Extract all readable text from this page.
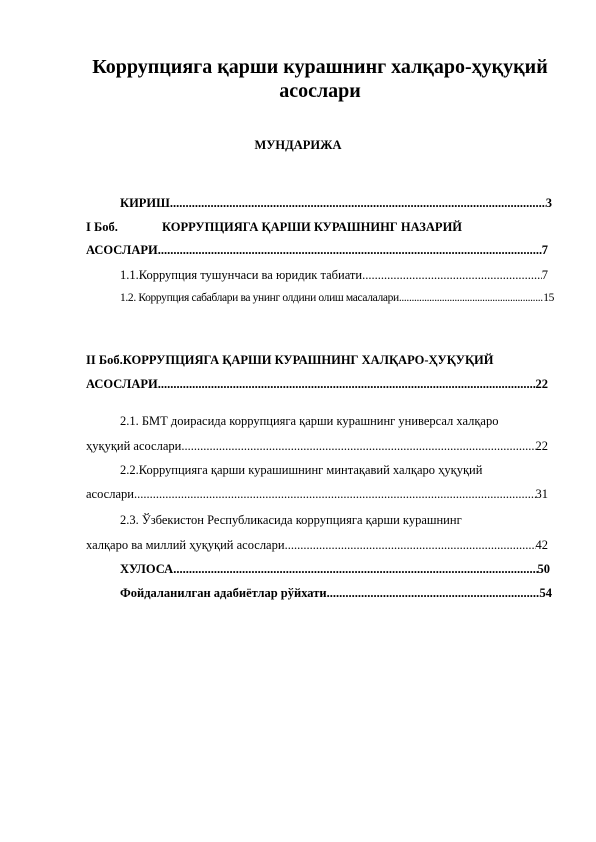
Коррупцияга қарши курашнинг халқаро-ҳуқуқий асослари
МУНДАРИЖА
КИРИШ .....	3
I Боб.	КОРРУПЦИЯГА ҚАРШИ КУРАШНИНГ НАЗАРИЙ
АСОСЛАРИ .....	7
1.1.Коррупция тушунчаси ва юридик табиати .....	7
1.2. Коррупция сабаблари ва унинг олдини олиш масалалари .....	15
II Боб.КОРРУПЦИЯГА ҚАРШИ КУРАШНИНГ ХАЛҚАРО-ҲУҚУҚИЙ
АСОСЛАРИ .....	22
2.1. БМТ доирасида коррупцияга қарши курашнинг универсал халқаро
ҳуқуқий асослари .....	22
2.2.Коррупцияга қарши курашишнинг минтақавий халқаро ҳуқуқий
асослари .....	31
2.3. Ўзбекистон Республикасида коррупцияга қарши курашнинг
халқаро ва миллий ҳуқуқий асослари .....	42
ХУЛОСА .....	50
Фойдаланилган адабиётлар рўйхати .....	54
